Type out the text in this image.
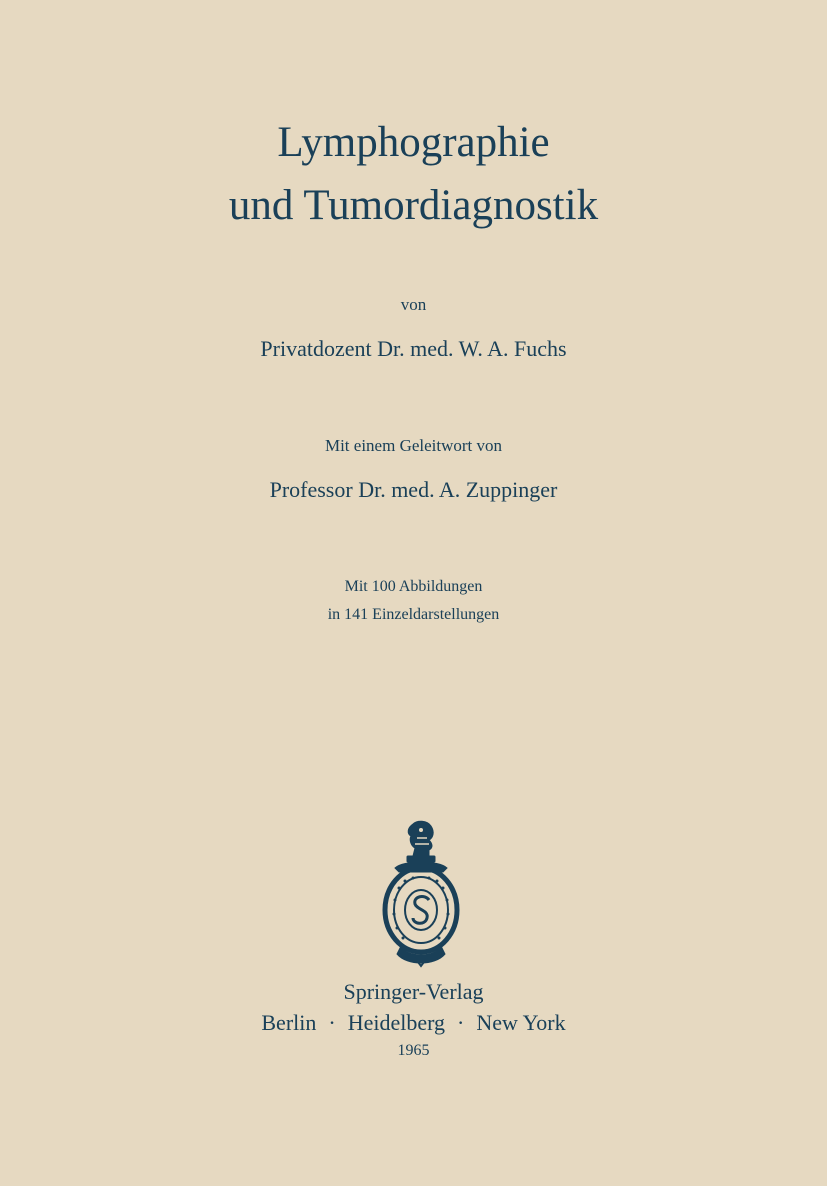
Lymphographie
und Tumordiagnostik
von
Privatdozent Dr. med. W. A. Fuchs
Mit einem Geleitwort von
Professor Dr. med. A. Zuppinger
Mit 100 Abbildungen
in 141 Einzeldarstellungen
Springer-Verlag
Berlin · Heidelberg · New York
1965
